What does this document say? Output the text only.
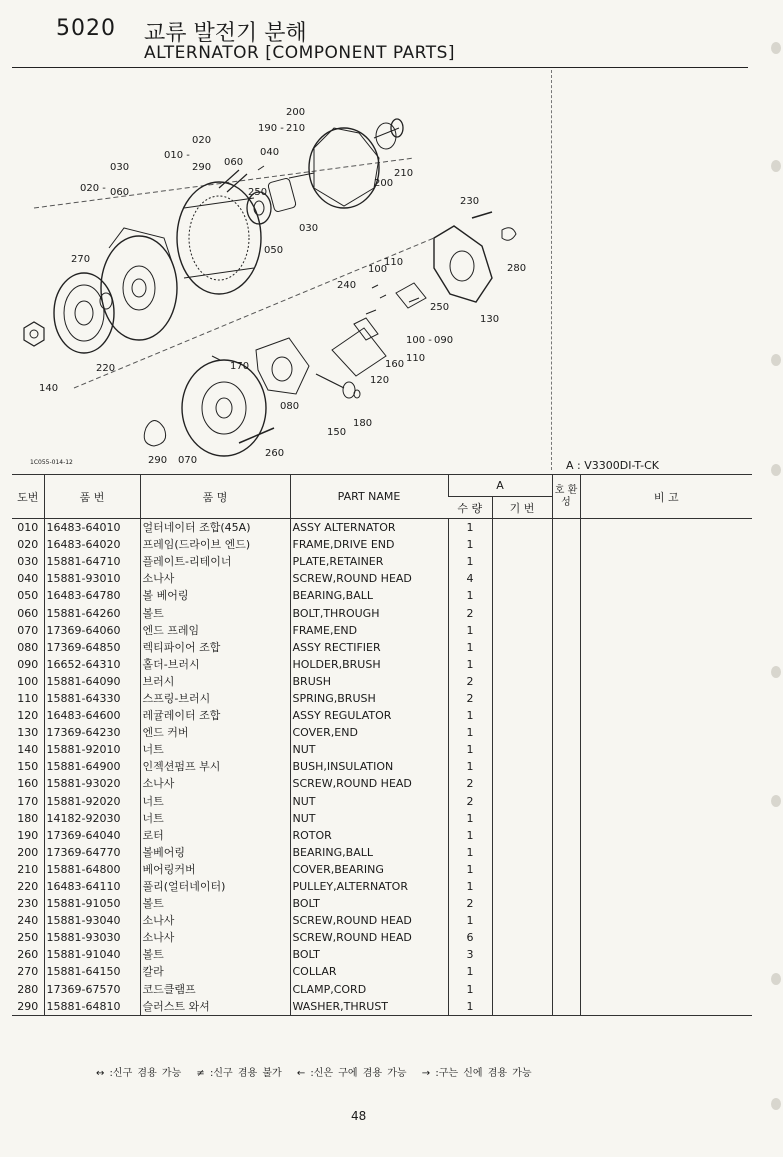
5020 교류 발전기 분해
ALTERNATOR [COMPONENT PARTS]
200
190 - 210
020
010 -
290 060
040
030
020 - 060	250
200
210
030
050
230
270
100
110
280
240
250
130
100 - 090
110
160
120
220	170
140
080
180
150
290 070
260
1C055-014-12	A : V3300DI-T-CK
도번	품 번	품 명	PART NAME	A		호 환 성	비 고
				수 량	기 번		
010	16483-64010	얼터네이터 조합(45A)	ASSY ALTERNATOR	1			
020	16483-64020	프레임(드라이브 엔드)	FRAME,DRIVE END	1			
030	15881-64710	플레이트-리테이너	PLATE,RETAINER	1			
040	15881-93010	소나사	SCREW,ROUND HEAD	4			
050	16483-64780	볼 베어링	BEARING,BALL	1			
060	15881-64260	볼트	BOLT,THROUGH	2			
070	17369-64060	엔드 프레임	FRAME,END	1			
080	17369-64850	렉티파이어 조합	ASSY RECTIFIER	1			
090	16652-64310	홀더-브러시	HOLDER,BRUSH	1			
100	15881-64090	브러시	BRUSH	2			
110	15881-64330	스프링-브러시	SPRING,BRUSH	2			
120	16483-64600	레귤레이터 조합	ASSY REGULATOR	1			
130	17369-64230	엔드 커버	COVER,END	1			
140	15881-92010	너트	NUT	1			
150	15881-64900	인젝션펌프 부시	BUSH,INSULATION	1			
160	15881-93020	소나사	SCREW,ROUND HEAD	2			
170	15881-92020	너트	NUT	2			
180	14182-92030	너트	NUT	1			
190	17369-64040	로터	ROTOR	1			
200	17369-64770	볼베어링	BEARING,BALL	1			
210	15881-64800	베어링커버	COVER,BEARING	1			
220	16483-64110	풀리(얼터네이터)	PULLEY,ALTERNATOR	1			
230	15881-91050	볼트	BOLT	2			
240	15881-93040	소나사	SCREW,ROUND HEAD	1			
250	15881-93030	소나사	SCREW,ROUND HEAD	6			
260	15881-91040	볼트	BOLT	3			
270	15881-64150	칼라	COLLAR	1			
280	17369-67570	코드클램프	CLAMP,CORD	1			
290	15881-64810	슬러스트 와셔	WASHER,THRUST	1			
↔ :신구 겸용 가능　 ≠ :신구 겸용 불가　 ← :신은 구에 겸용 가능　 → :구는 신에 겸용 가능
48
